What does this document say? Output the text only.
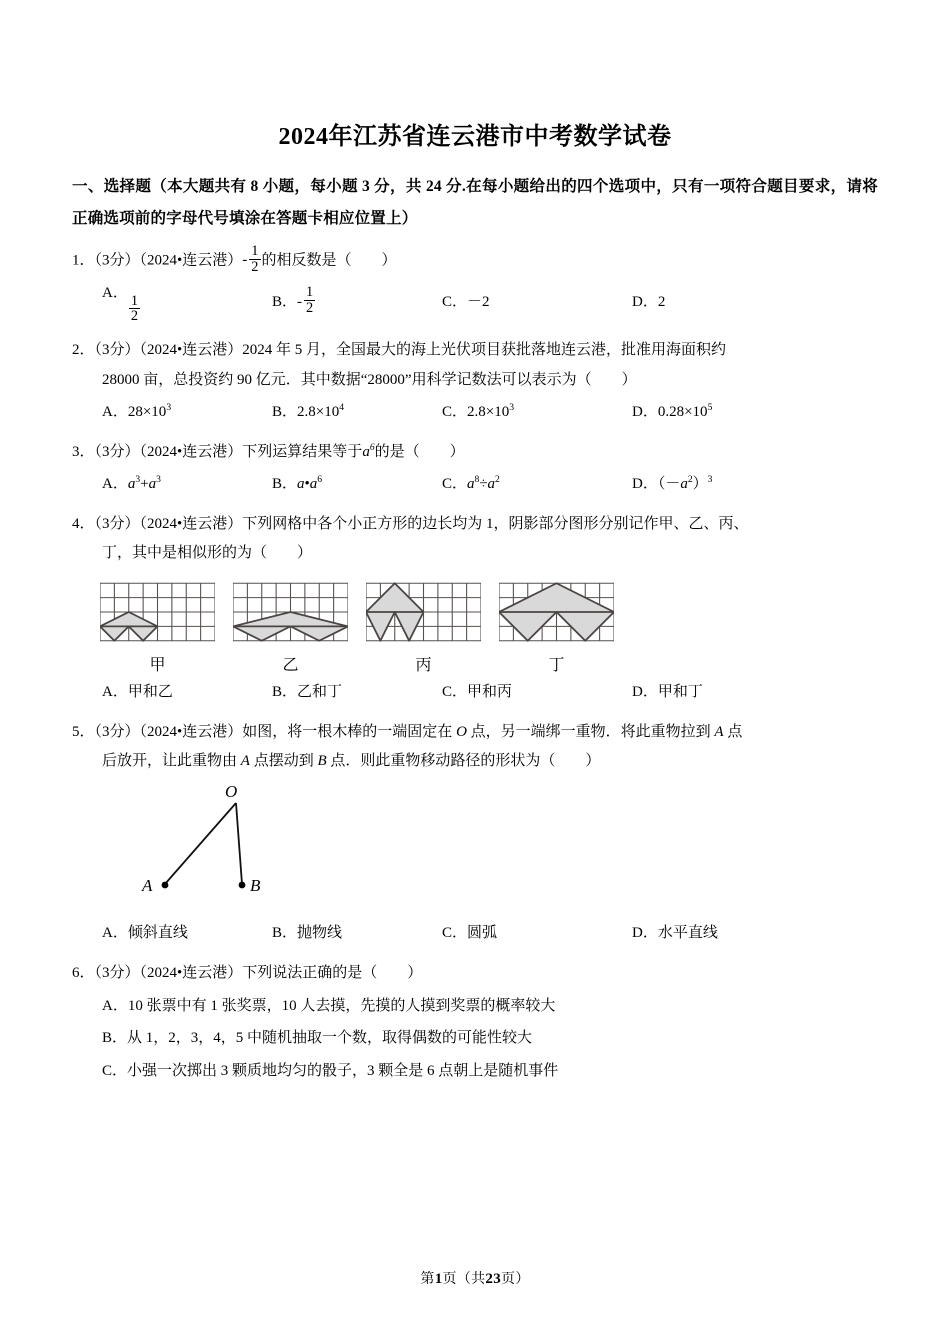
2024年江苏省连云港市中考数学试卷
一、选择题（本大题共有 8 小题，每小题 3 分，共 24 分.在每小题给出的四个选项中，只有一项符合题目要求，请将正确选项前的字母代号填涂在答题卡相应位置上）
1．（3分）（2024•连云港） - $\frac{1}{2}$ 的相反数是（　　）
A．
$\frac{1}{2}$	B． - $\frac{1}{2}$	C．－2	D．2
2．（3分）（2024•连云港）2024 年 5 月，全国最大的海上光伏项目获批落地连云港，批准用海面积约
28000 亩，总投资约 90 亿元．其中数据“28000”用科学记数法可以表示为（　　）
A．$28\times 10^3$	B．$2.8\times 10^4$	C．$2.8\times 10^3$	D．$0.28\times 10^5$
3．（3分）（2024•连云港）下列运算结果等于$a^6$的是（　　）
A．$a^3+a^3$	B．$a•a^6$	C．$a^8\div a^2$	D．$(-a^2)^3$
4．（3分）（2024•连云港）下列网格中各个小正方形的边长均为 1，阴影部分图形分别记作甲、乙、丙、
丁，其中是相似形的为（　　）
甲	乙	丙	丁
A．甲和乙	B．乙和丁	C．甲和丙	D．甲和丁
5．（3分）（2024•连云港）如图，将一根木棒的一端固定在 O 点，另一端绑一重物．将此重物拉到 A 点
后放开，让此重物由 A 点摆动到 B 点．则此重物移动路径的形状为（　　）
O
A	B
A．倾斜直线	B．抛物线	C．圆弧	D．水平直线
6．（3分）（2024•连云港）下列说法正确的是（　　）
A．10 张票中有 1 张奖票，10 人去摸，先摸的人摸到奖票的概率较大
B．从 1，2，3，4，5 中随机抽取一个数，取得偶数的可能性较大
C．小强一次掷出 3 颗质地均匀的骰子，3 颗全是 6 点朝上是随机事件
第1页（共23页）
